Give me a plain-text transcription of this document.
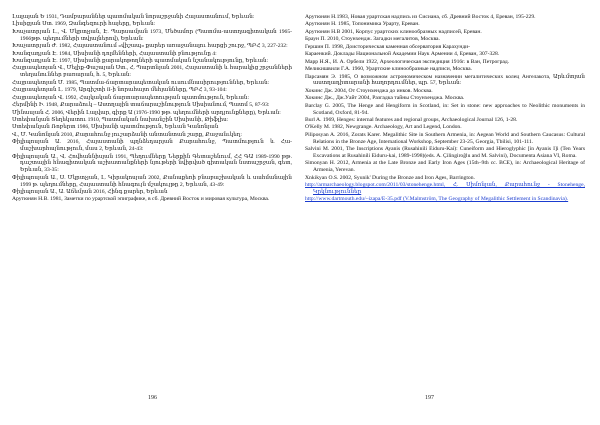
Լալայան Ե 1931, Դամբարաններ պատմական նորաշրջանի Հայաստանում, Երևան:
Լիսիցյան Ստ. 1969, Զանգեզուրի հայերը, Երևան:
Խաչատրյան Լ., Վ. Մկրտչյան, Է. Պարսամյան 1973, Մեծամոր (Պատմա-աստղագիտական 1965-1966թթ. պեղումների տվյալներով), Երևան:
Խաչատրյան Ժ. 1982, Հայաստանում «վիշապ» քարեր առաջանալու հարցի շուրջ, ՊԲՀ 3, 227-232:
Խանզադյան Է. 1984, Սիսիանի դոլմենների, Հայաստանի բնությունը 4:
Խանզադյան Է. 1997, Սիսիանի քարակոթողների պատմական նշանակությունը, Երևան:
Հայրապետյան Վ., Մելիք-Փաշայան Ստ., Հ. Պարտնյան 2001, Հայաստանի և հարակից շրջանների տեղանուններ բառարան, հ. 5, Երևան:
Հայրապետյան Մ. 1985, Պատմա-ճարտարապետական ուսումնասիրություններ, Երևան:
Հայրապետյան Լ. 1979, Արգիշտի II-ի նորահայտ մեհյանները, ՊԲՀ 3, 93-104:
Հայրապետյան Վ. 1992, Հայկական ճարտարապետության պատմություն, Երևան:
Հերմինի Ի. 1948, Քարաձուկ – Աստղային տաճարաշինություն Սիսիանում, Պատմ 5, 87-93:
Մինասյան Հ. 2006, Վերին Լալվար, գիրք Ա (1976-1990 թթ. պեղումների արդյունքները), Երևան:
Ստեփանյան Տեղեկատու 1910, Պատմական նախանշին Սիսիանի, Թիֆլիս:
Ստեփանյան Ռոբերտ 1986, Սիսիանի պատմություն, Երևան Կանոնյան
Վ., Մ. Կանոնյան 2010, Քարահունջ յուշարձանի անտանտան շարք, Քաջանւկեղ:
Փիլիպոսյան Ա. 2016, Հայաստանի պղնձեդարյան Քարահունջ, Պատմություն և Հա-մաշխարհայնություն, մաս 2, Երևան, 24-43:
Փիլիպոսյան Ա., Վ. Հովհաննիսյան 1991, Պեղումները Ներքին Գետաշենում, ՀՀ ԳԱ 1989-1990 թթ. դաշտային հնագիտական աշխատանքների նյութերի նվիրված գիտական նստաշրջան, գետ, Երևան, 33-35:
Փիլիպոսյան Ա., Ս. Մկրտչյան, Լ. Կիրակոսյան 2002, Քանաքեռի բնաբաշխական և սահմանային 1999 թ. պեղումները, Հայաստանի հնագույն մշակույթը 2, Երևան, 43-49:
Փիլիպոսյան Ա., Ա. Աճեմյան 2016, Հինգ քարեր, Երևան
Арутюнян Н.В. 1981, Заметки по урартской эпиграфике, в сб. Древний Восток и мировая культура, Москва.
Арутюнян Н.1983, Новая урартская надпись из Сисиана, сб. Древний Восток 4, Ереван, 195-229.
Арутюнян Н. 1985, Топонимика Урарту, Ереван.
Арутюнян Н.В 2001, Корпус урартских клинообразных надписей, Ереван.
Браун П. 2010, Стоунхендж. Загадки мегалитов, Москва.
Гершин П. 1998, Доисторическая каменная обсерватория Карахунди-
Караенкий. Доклады Национальной Академии Наук Армении 4, Ереван, 307-328.
Марр Н.Я., И. А. Орбели 1922, Археологическая экспедиция 1916г. в Ван, Петроград.
Меликишвили Г.А. 1960, Урартские клинообразные надписи, Москва.
Парсамян Э. 1985, О возможном астрономическом назначении мегалитических колец Ангелакота, Արևմտյան աստղադիտարանի հաղորդումներ, պր. 57, Երևան:
Хокинс Дж. 2004, От Стоунхенджа до инков. Москва.
Хокинс Дж., Дж.Уайт 2004, Разгадка тайны Стоунхенджа. Москва.
Barclay G. 2005, The Henge and Hengiform in Scotland, in: Set in stone: new approaches to Neolithic monuments in Scotland, Oxford, 81-94.
Burl A. 1969, Henges: internal features and regional groups, Archaeological Journal 126, 1-28.
O'Kelly M. 1982, Newgrange. Archaeology, Art and Legend, London.
Piliposyan A. 2016, Zorats Karer. Megalithic Site in Southern Armenia, in: Aegean World and Southern Caucasus: Cultural Relations in the Bronze Age, International Workshop, September 23-25, Georgia, Tbilisi, 101-111.
Salvini M. 2001, The Inscriptions Ayanis (Rusahinili Eiduru-Kai): Cuneiform and Hieroglyphic [in Ayanis I]i (Ten Years Excavations at Rusahinili Eiduru-kai, 1989-1998)(eds. A. Çilingiroğlu and M. Salvini), Documenta Asiana VI, Roma.
Simonyan H. 2012, Armenia at the Late Bronze and Early Iron Ages (15th–9th cc. BCE), in: Archaeological Heritage of Armenia, Yerevan.
Xnkikyan O.S. 2002, Syunik' During the Bronze and Iron Ages, Barrington.
http://armarchaeology.blogspot.com/2011/03/stonehenge.html, Հ. Սիմոնյան, Քարահունջ - Stonehenge, Կրկնություններ
http://www.dartmouth.edu/~izapa/E-35.pdf (V.Malmström, The Geography of Megalithic Settlement in Scandinavia).
196	197
